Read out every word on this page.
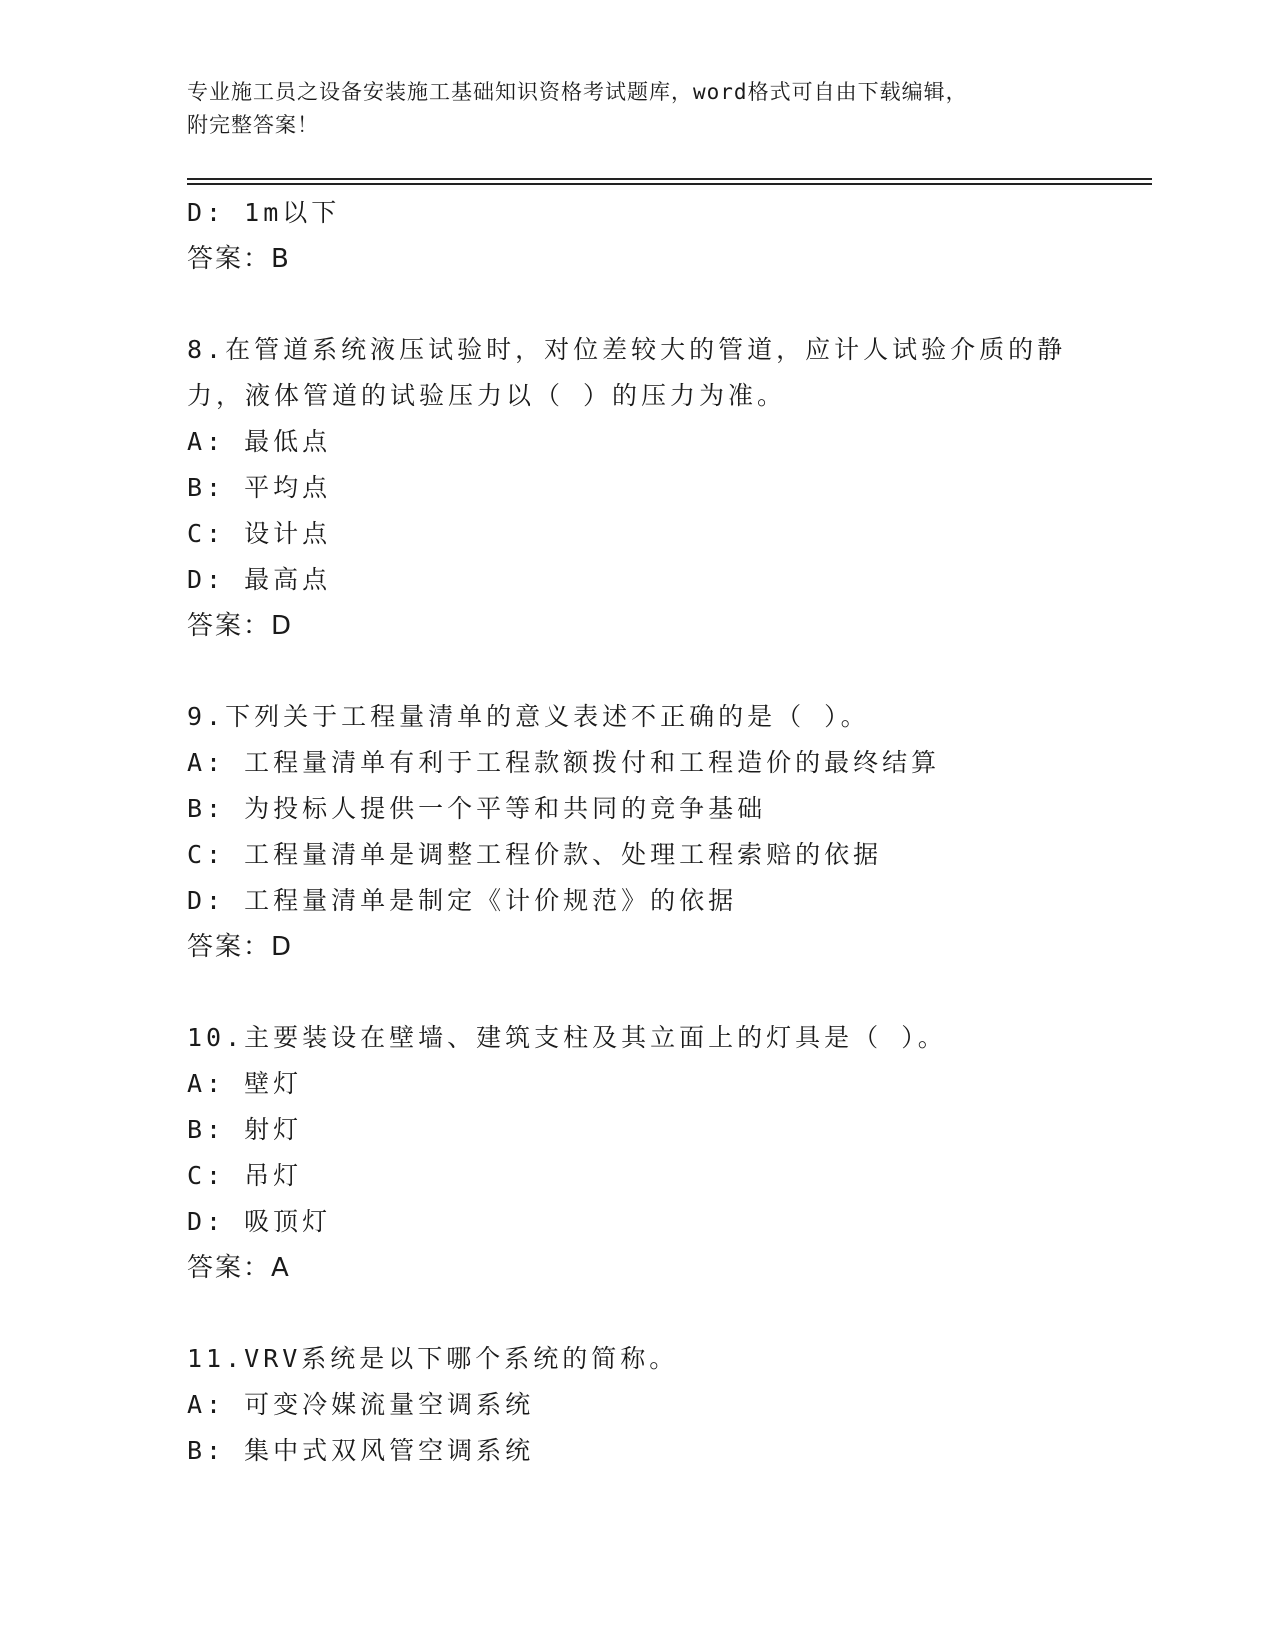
专业施工员之设备安装施工基础知识资格考试题库，word格式可自由下载编辑，
附完整答案！
D: 1m以下
答案：B
8.在管道系统液压试验时，对位差较大的管道，应计人试验介质的静
力，液体管道的试验压力以（ ）的压力为准。
A: 最低点
B: 平均点
C: 设计点
D: 最高点
答案：D
9.下列关于工程量清单的意义表述不正确的是（ ）。
A: 工程量清单有利于工程款额拨付和工程造价的最终结算
B: 为投标人提供一个平等和共同的竞争基础
C: 工程量清单是调整工程价款、处理工程索赔的依据
D: 工程量清单是制定《计价规范》的依据
答案：D
10.主要装设在壁墙、建筑支柱及其立面上的灯具是（ ）。
A: 壁灯
B: 射灯
C: 吊灯
D: 吸顶灯
答案：A
11.VRV系统是以下哪个系统的简称。
A: 可变冷媒流量空调系统
B: 集中式双风管空调系统
